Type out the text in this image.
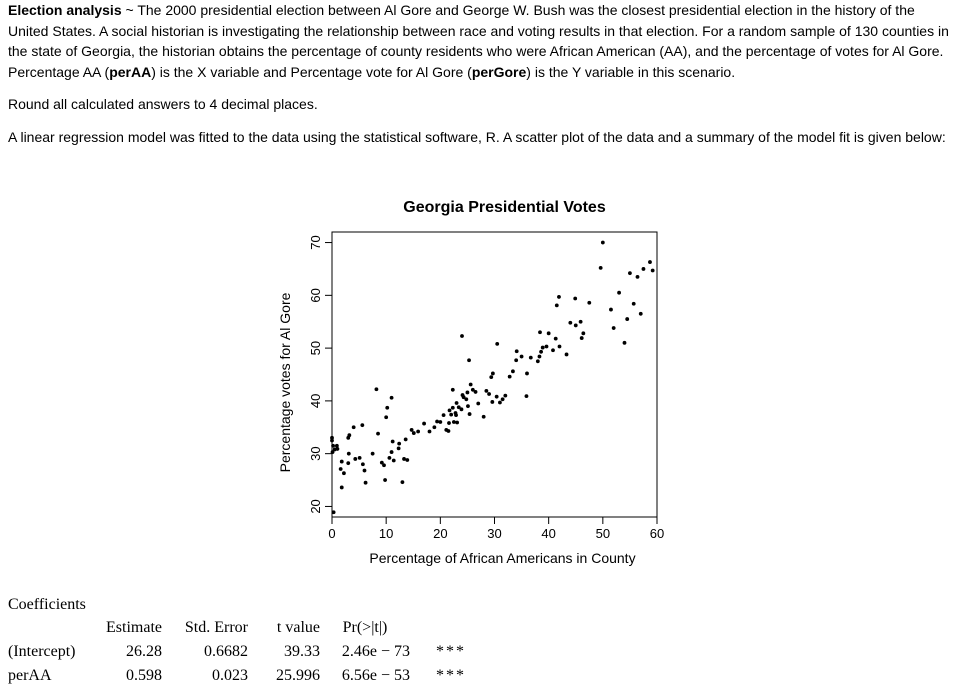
Election analysis ~ The 2000 presidential election between Al Gore and George W. Bush was the closest presidential election in the history of the United States. A social historian is investigating the relationship between race and voting results in that election. For a random sample of 130 counties in the state of Georgia, the historian obtains the percentage of county residents who were African American (AA), and the percentage of votes for Al Gore. Percentage AA (perAA) is the X variable and Percentage vote for Al Gore (perGore) is the Y variable in this scenario.
Round all calculated answers to 4 decimal places.
A linear regression model was fitted to the data using the statistical software, R. A scatter plot of the data and a summary of the model fit is given below:
Georgia Presidential Votes
0	10	20	30	40	50	60
Percentage of African Americans in County
20
30
40
50
60
70
Percentage votes for Al Gore
Coefficients
	Estimate	Std. Error	t value	Pr(>|t|)	
(Intercept)	26.28	0.6682	39.33	2.46e − 73	***
perAA	0.598	0.023	25.996	6.56e − 53	***
